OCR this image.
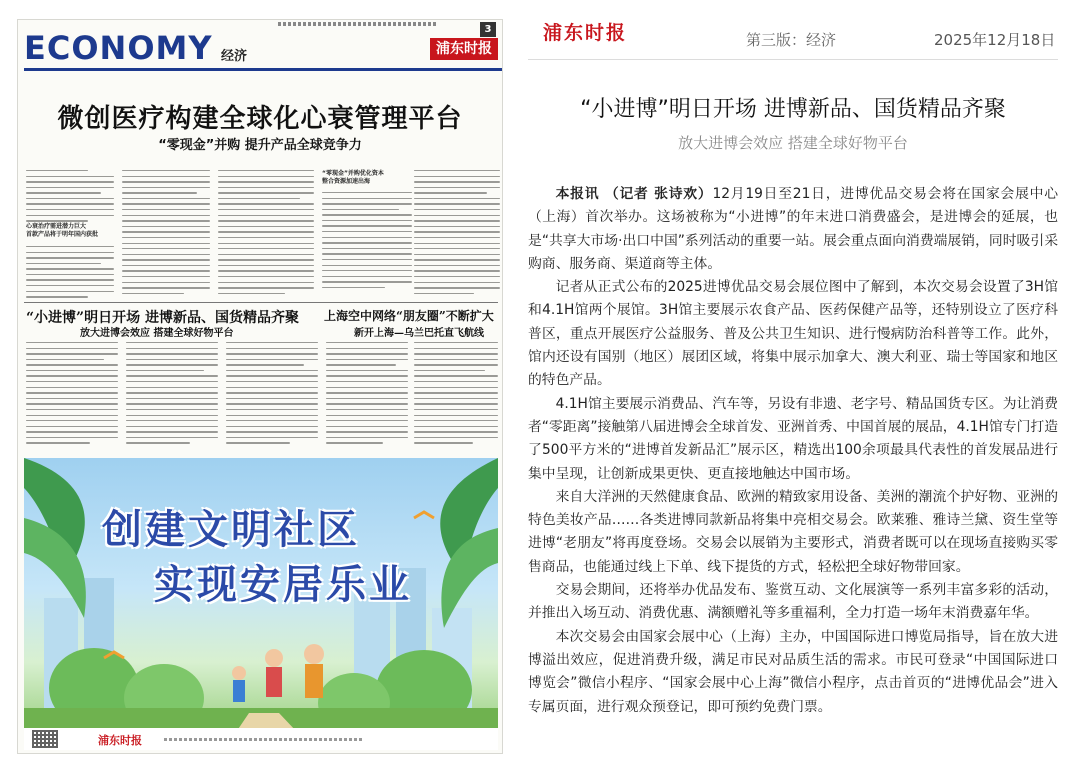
ECONOMY 经济
3
浦东时报
微创医疗构建全球化心衰管理平台
“零现金”并购 提升产品全球竞争力
心衰治疗需进潜力巨大
首款产品将于明年国内获批
“零现金”并购优化资本
整合资源加速出海
“小进博”明日开场 进博新品、国货精品齐聚
放大进博会效应 搭建全球好物平台
上海空中网络“朋友圈”不断扩大
新开上海—乌兰巴托直飞航线
创建文明社区
实现安居乐业
浦东时报
浦东时报	第三版：经济	2025年12月18日
“小进博”明日开场 进博新品、国货精品齐聚
放大进博会效应 搭建全球好物平台

本报讯 （记者 张诗欢）12月19日至21日，进博优品交易会将在国家会展中心（上海）首次举办。这场被称为“小进博”的年末进口消费盛会，是进博会的延展，也是“共享大市场·出口中国”系列活动的重要一站。展会重点面向消费端展销，同时吸引采购商、服务商、渠道商等主体。

记者从正式公布的2025进博优品交易会展位图中了解到，本次交易会设置了3H馆和4.1H馆两个展馆。3H馆主要展示农食产品、医药保健产品等，还特别设立了医疗科普区，重点开展医疗公益服务、普及公共卫生知识、进行慢病防治科普等工作。此外，馆内还设有国别（地区）展团区域，将集中展示加拿大、澳大利亚、瑞士等国家和地区的特色产品。

4.1H馆主要展示消费品、汽车等，另设有非遗、老字号、精品国货专区。为让消费者“零距离”接触第八届进博会全球首发、亚洲首秀、中国首展的展品，4.1H馆专门打造了500平方米的“进博首发新品汇”展示区，精选出100余项最具代表性的首发展品进行集中呈现，让创新成果更快、更直接地触达中国市场。

来自大洋洲的天然健康食品、欧洲的精致家用设备、美洲的潮流个护好物、亚洲的特色美妆产品……各类进博同款新品将集中亮相交易会。欧莱雅、雅诗兰黛、资生堂等进博“老朋友”将再度登场。交易会以展销为主要形式，消费者既可以在现场直接购买零售商品，也能通过线上下单、线下提货的方式，轻松把全球好物带回家。

交易会期间，还将举办优品发布、鉴赏互动、文化展演等一系列丰富多彩的活动，并推出入场互动、消费优惠、满额赠礼等多重福利，全力打造一场年末消费嘉年华。

本次交易会由国家会展中心（上海）主办，中国国际进口博览局指导，旨在放大进博溢出效应，促进消费升级，满足市民对品质生活的需求。市民可登录“中国国际进口博览会”微信小程序、“国家会展中心上海”微信小程序，点击首页的“进博优品会”进入专属页面，进行观众预登记，即可预约免费门票。
